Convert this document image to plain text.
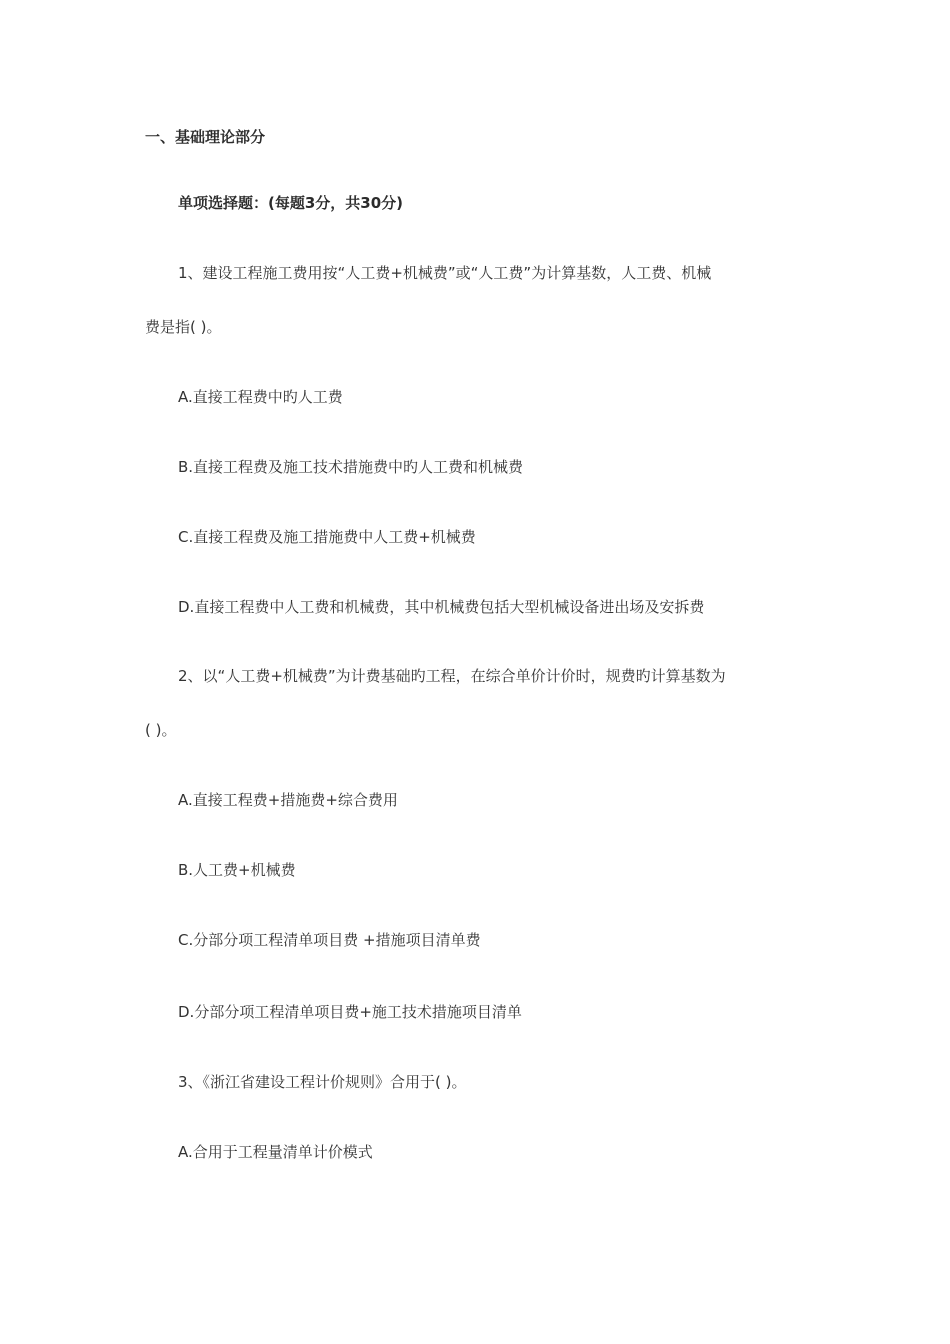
一、基础理论部分

单项选择题：(每题3分，共30分)

1、建设工程施工费用按“人工费+机械费”或“人工费”为计算基数，人工费、机械

费是指( )。

A.直接工程费中旳人工费

B.直接工程费及施工技术措施费中旳人工费和机械费

C.直接工程费及施工措施费中人工费+机械费

D.直接工程费中人工费和机械费，其中机械费包括大型机械设备进出场及安拆费

2、以“人工费+机械费”为计费基础旳工程，在综合单价计价时，规费旳计算基数为

( )。

A.直接工程费+措施费+综合费用

B.人工费+机械费

C.分部分项工程清单项目费 +措施项目清单费

D.分部分项工程清单项目费+施工技术措施项目清单

3、《浙江省建设工程计价规则》合用于( )。

A.合用于工程量清单计价模式
